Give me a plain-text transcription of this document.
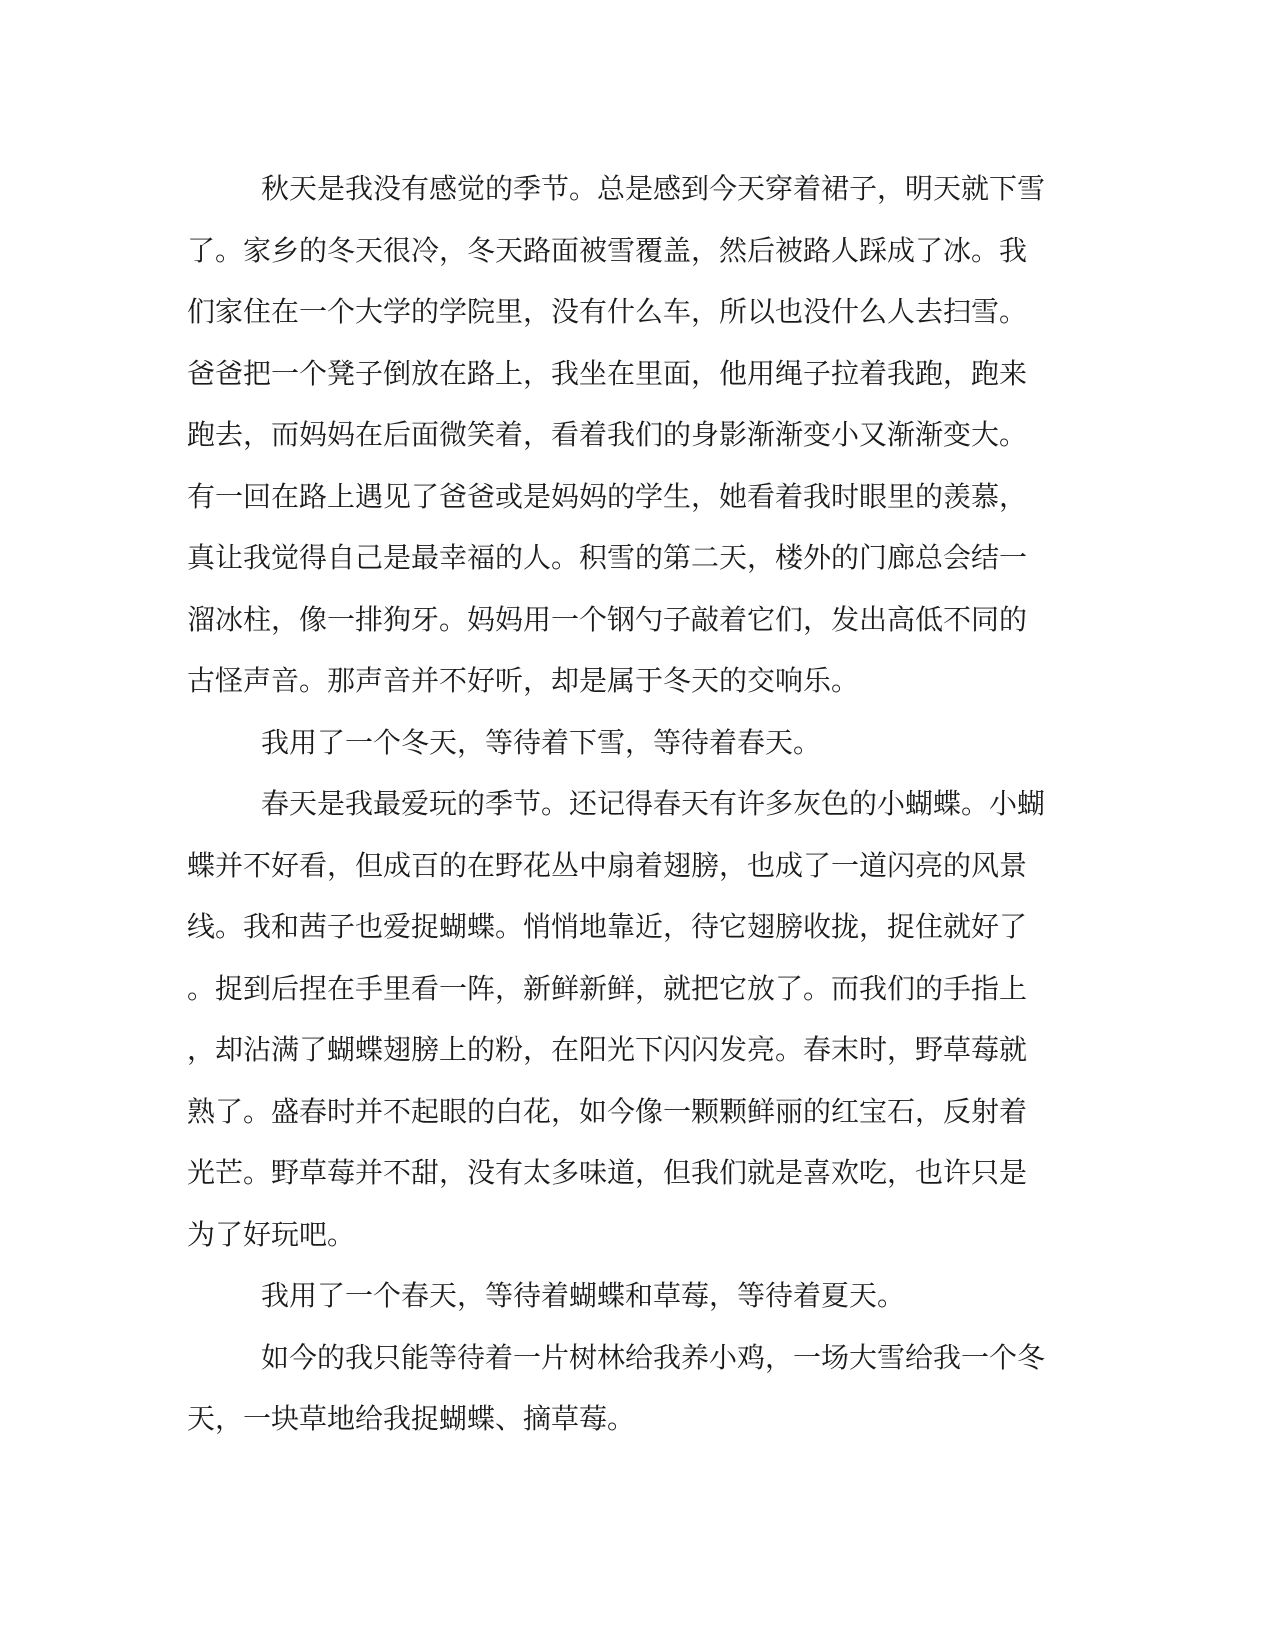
秋天是我没有感觉的季节。总是感到今天穿着裙子，明天就下雪
了。家乡的冬天很冷，冬天路面被雪覆盖，然后被路人踩成了冰。我
们家住在一个大学的学院里，没有什么车，所以也没什么人去扫雪。
爸爸把一个凳子倒放在路上，我坐在里面，他用绳子拉着我跑，跑来
跑去，而妈妈在后面微笑着，看着我们的身影渐渐变小又渐渐变大。
有一回在路上遇见了爸爸或是妈妈的学生，她看着我时眼里的羡慕，
真让我觉得自己是最幸福的人。积雪的第二天，楼外的门廊总会结一
溜冰柱，像一排狗牙。妈妈用一个钢勺子敲着它们，发出高低不同的
古怪声音。那声音并不好听，却是属于冬天的交响乐。
我用了一个冬天，等待着下雪，等待着春天。
春天是我最爱玩的季节。还记得春天有许多灰色的小蝴蝶。小蝴
蝶并不好看，但成百的在野花丛中扇着翅膀，也成了一道闪亮的风景
线。我和茜子也爱捉蝴蝶。悄悄地靠近，待它翅膀收拢，捉住就好了
。捉到后捏在手里看一阵，新鲜新鲜，就把它放了。而我们的手指上
，却沾满了蝴蝶翅膀上的粉，在阳光下闪闪发亮。春末时，野草莓就
熟了。盛春时并不起眼的白花，如今像一颗颗鲜丽的红宝石，反射着
光芒。野草莓并不甜，没有太多味道，但我们就是喜欢吃，也许只是
为了好玩吧。
我用了一个春天，等待着蝴蝶和草莓，等待着夏天。
如今的我只能等待着一片树林给我养小鸡，一场大雪给我一个冬
天，一块草地给我捉蝴蝶、摘草莓。
